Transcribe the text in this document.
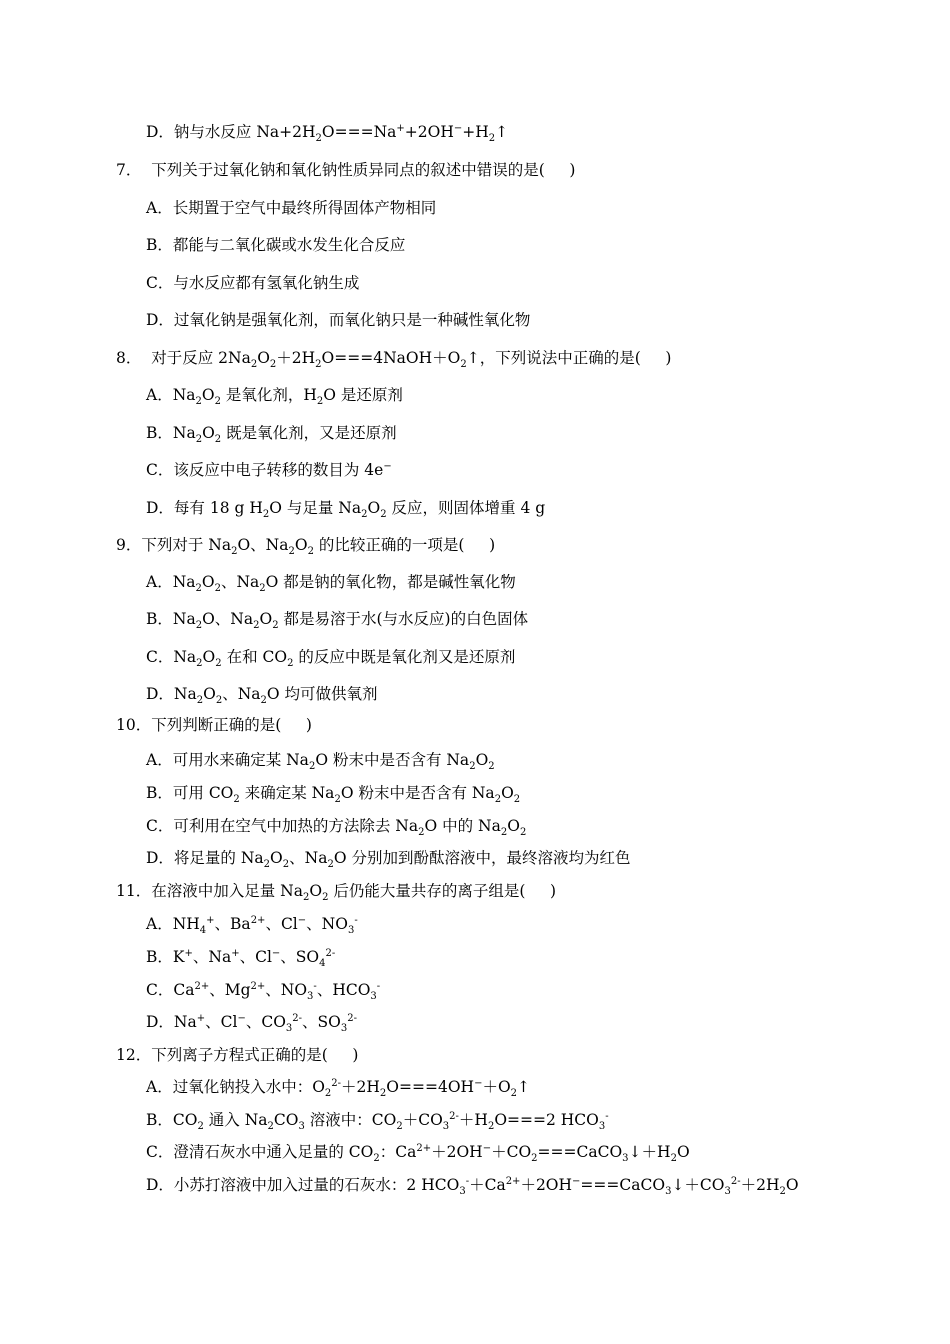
D．钠与水反应 $Na+2H_2O===Na^++2OH^-+H_2↑$
7．  下列关于过氧化钠和氧化钠性质异同点的叙述中错误的是(     )
A．长期置于空气中最终所得固体产物相同
B．都能与二氧化碳或水发生化合反应
C．与水反应都有氢氧化钠生成
D．过氧化钠是强氧化剂，而氧化钠只是一种碱性氧化物
8．  对于反应 $2Na_2O_2+2H_2O===4NaOH+O_2↑$，下列说法中正确的是(     )
A．$Na_2O_2$ 是氧化剂，$H_2O$ 是还原剂
B．$Na_2O_2$ 既是氧化剂，又是还原剂
C．该反应中电子转移的数目为 4e−
D．每有 18 g $H_2O$ 与足量 $Na_2O_2$ 反应，则固体增重 4 g
9．下列对于 $Na_2O$、$Na_2O_2$ 的比较正确的一项是(     )
A．$Na_2O_2$、$Na_2O$ 都是钠的氧化物，都是碱性氧化物
B．$Na_2O$、$Na_2O_2$ 都是易溶于水(与水反应)的白色固体
C．$Na_2O_2$ 在和 $CO_2$ 的反应中既是氧化剂又是还原剂
D．$Na_2O_2$、$Na_2O$ 均可做供氧剂
10．下列判断正确的是(     )
A．可用水来确定某 $Na_2O$ 粉末中是否含有 $Na_2O_2$
B．可用 $CO_2$ 来确定某 $Na_2O$ 粉末中是否含有 $Na_2O_2$
C．可利用在空气中加热的方法除去 $Na_2O$ 中的 $Na_2O_2$
D．将足量的 $Na_2O_2$、$Na_2O$ 分别加到酚酞溶液中，最终溶液均为红色
11．在溶液中加入足量 $Na_2O_2$ 后仍能大量共存的离子组是(     )
A．$NH_4^+$、$Ba^{2+}$、Cl−、$NO_3^-$
B．K+、Na+、Cl−、$SO_4^{2-}$
C．$Ca^{2+}$、$Mg^{2+}$、$NO_3^-$、$HCO_3^-$
D．Na+、Cl−、$CO_3^{2-}$、$SO_3^{2-}$
12．下列离子方程式正确的是(     )
A．过氧化钠投入水中：$O_2^{2-}+2H_2O===4OH^-+O_2↑$
B．$CO_2$ 通入 $Na_2CO_3$ 溶液中：$CO_2+CO_3^{2-}+H_2O===2$ $HCO_3^-$
C．澄清石灰水中通入足量的 $CO_2$：$Ca^{2+}+2OH^-+CO_2===CaCO_3↓+H_2O$
D．小苏打溶液中加入过量的石灰水：2 $HCO_3^-+Ca^{2+}+2OH^-===CaCO_3↓+CO_3^{2-}+2H_2O$
